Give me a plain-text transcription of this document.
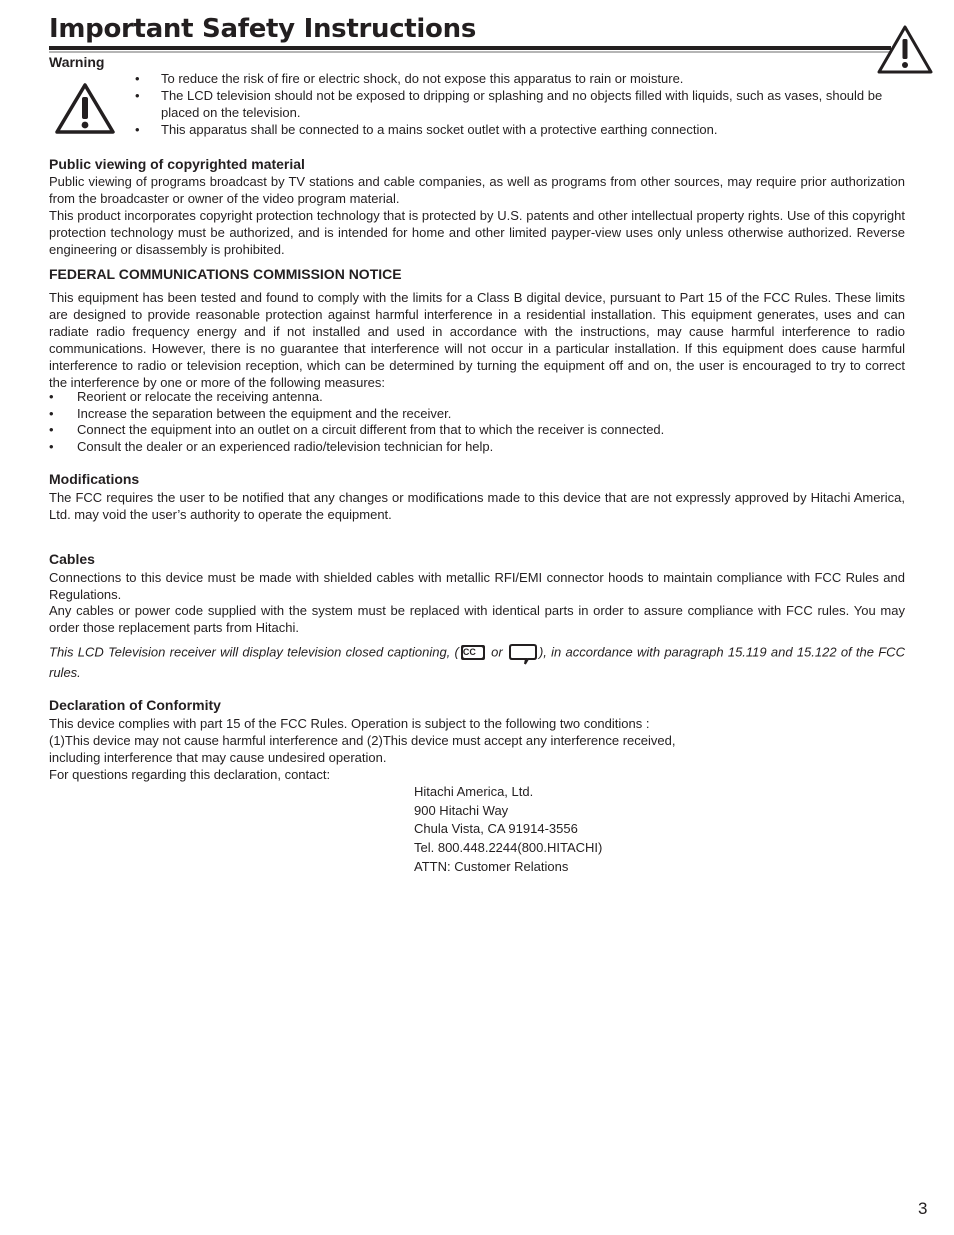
Important Safety Instructions
Warning
• To reduce the risk of fire or electric shock, do not expose this apparatus to rain or moisture.
• The LCD television should not be exposed to dripping or splashing and no objects filled with liquids, such as vases, should be placed on the television.
• This apparatus shall be connected to a mains socket outlet with a protective earthing connection.
Public viewing of copyrighted material

Public viewing of programs broadcast by TV stations and cable companies, as well as programs from other sources, may require prior authorization from the broadcaster or owner of the video program material.

This product incorporates copyright protection technology that is protected by U.S. patents and other intellectual property rights. Use of this copyright protection technology must be authorized, and is intended for home and other limited payper-view uses only unless otherwise authorized. Reverse engineering or disassembly is prohibited.

FEDERAL COMMUNICATIONS COMMISSION NOTICE

This equipment has been tested and found to comply with the limits for a Class B digital device, pursuant to Part 15 of the FCC Rules. These limits are designed to provide reasonable protection against harmful interference in a residential installation. This equipment generates, uses and can radiate radio frequency energy and if not installed and used in accordance with the instructions, may cause harmful interference to radio communications. However, there is no guarantee that interference will not occur in a particular installation. If this equipment does cause harmful interference to radio or television reception, which can be determined by turning the equipment off and on, the user is encouraged to try to correct the interference by one or more of the following measures:

• Reorient or relocate the receiving antenna.
• Increase the separation between the equipment and the receiver.
• Connect the equipment into an outlet on a circuit different from that to which the receiver is connected.
• Consult the dealer or an experienced radio/television technician for help.
Modifications

The FCC requires the user to be notified that any changes or modifications made to this device that are not expressly approved by Hitachi America, Ltd. may void the user’s authority to operate the equipment.

Cables

Connections to this device must be made with shielded cables with metallic RFI/EMI connector hoods to maintain compliance with FCC Rules and Regulations.

Any cables or power code supplied with the system must be replaced with identical parts in order to assure compliance with FCC rules. You may order those replacement parts from Hitachi.

This LCD Television receiver will display television closed captioning, ( CC	or	), in accordance with paragraph 15.119 and 15.122 of the FCC rules.

Declaration of Conformity

This device complies with part 15 of the FCC Rules. Operation is subject to the following two conditions :

(1)This device may not cause harmful interference and (2)This device must accept any interference received,

including interference that may cause undesired operation.

For questions regarding this declaration, contact:

Hitachi America, Ltd.
900 Hitachi Way
Chula Vista, CA 91914-3556
Tel. 800.448.2244(800.HITACHI)
ATTN: Customer Relations
3
